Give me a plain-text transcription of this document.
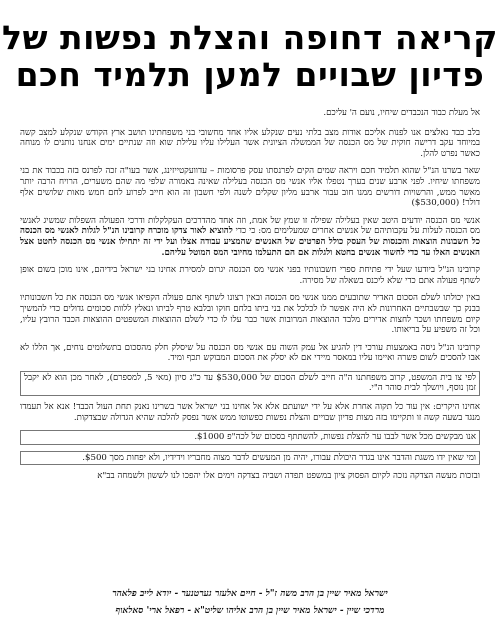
קריאה דחופה והצלת נפשות של
פדיון שבויים למען תלמיד חכם

אל מעלת כבוד הנכבדים שיחיו, נועם ה' עליכם.

בלב כבד נאלצים אנו לפנות אליכם אודות מצב בלתי נעים שנקלע אליו אחד מחשובי בני משפחתינו תושב ארץ הקודש שנקלע למצב קשה במיוחד עקב דרישה חוקית של מס הכנסה של הממשלה הציונית אשר העלילו עליו עלילת שוא וזה שנתיים ימים אנחנו נותנים לו מנוחה כאשר נפרט להלן.

שאר בשרנו הנ"ל שהוא תלמיד חכם ויראה שמים הקים לפרנסתו עסק פרסומות – עדוועקטייזינג, אשר בעו"ה זכה לפרנס בזה בכבוד את בני משפחתו שיחיו. לפני ארבע שנים בערך נטפלו אליו אנשי מס הכנסה בעלילה שאינה באמורה שלפי מה שהם משערים, הרויח הרבה יותר מאשר ממש, והרשויות דורשים ממנו חוב עבור ארבע מליון שקלים לשנה ולפי חשבון זה הוא חייב לפרוע לחם חמש מאות שלושים אלף דולר! ($530,000)

אנשי מס הכנסה יודעים היטב שאין בעלילה שפילה זו שמץ של אמת, וזה אחד מהדרכים העקלקלות ודרכי הפעולה השפלות שמשיג לאנשי מס הכנסה לעלות על עקבותיהם של אנשים אחרים שמעלימים מס: כי כדי להוציא לאור צדקו מוכרח קרובינו הנ"ל לגלות לאנשי מס הכנסה כל חשבונות הוצאות והכנסות של העסק כולל הפרטים של האנשים שהמציע עבודה אצלו ועל ידי זה יתחילו אנשי מס הכנסה לחטט אצל האנשים האלו עד כדי לחשוד אנשים בחטא ולגלות אם הם התעלמו מחיובי המס המוטל עליהם.

קרובינו הנ"ל ביודעו שעל ידי פתיחת ספרי חשבונותיו בפני אנשי מס הכנסה יגרום למסירת אחינו בני ישראל בידיהם, אינו מוכן בשום אופן לשתף פעולה אתם כדי שלא ליכנס בשאלה של מסירה.

באין יכולתו לשלם הסכום האדיר שתובעים ממנו אנשי מס הכנסה ובאין רצונו לשתף אתם פעולה הקפיאו אנשי מס הכנסה את כל חשבונותיו בבנק כך שבשבתיים האחרונות לא היה אפשר לו לכלכל את בני ביתו בלחם חוקו ובלבא טרף לביתו ונאלץ ללוות סכומים גדולים כדי להמשיך קיום משפחתו ושכר לחצות אדירים מלבד ההוצאות המרובות אשר כבר עלו לו כדי לשלם ההוצאות המשפטים ההוצאות הכבד הרובץ עליו, וכל זה משפיע על בריאותו.

קרובינו הנ"ל ניסה באמצעות עורכי דין להגיע אל עמק השוה עם אנשי מס הכנסה על שיסלק חלק מהסכום בתשלומים נוחים, אך הללו לא אבו להסכים לשום פשרה ואיימו עליו במאסר מיידי אם לא יסלק את הסכום המבוקש תכף ומיד.

לפי צו בית המשפט, קרוב משפחתנו ה"ה חייב לשלם הסכום של $530,000 עד כ"ג סיון (מאי 5, למספרם), לאחר מכן הוא לא יקבל זמן נוסף, ויושלך לבית סוהר ה"י.

אחינו היקרים: אין עוד כל תקוה אחרת אלא על ידי ישועתם אלא אל אחינו בני ישראל אשר בשרינו נאנק תחת העול הכבד! אנא אל תעמדו מנגד בשעה קשה זו ותקיימו בזה מצות פדיון שבויים והצלת נפשות כפשוטו ממש אשר נפסק להלכה שהיא הגדולה שבצדקות.

אנו מבקשים מכל אשר לבבו ער להצלת נפשות, להשתתף בסכום של לכה"פ $1000.

ומי שאין ידו משגת והדבר אינו בגדר היכולת עבורו, יהיה מן המעשים לדבר מצוה מחבריו וידידיו, ולא יפחות מסך $500.

ובזכות מעשה הצדקה נזכה לקיום הפסוק ציון במשפט תפדה ושביה בצדקה וימים אלו יהפכו לנו לששון ולשמחה בב"א

ישראל מאיר שיין בן הרב משה ז"ל - חיים אלעזר גערטנער - יודא לייב פלאהר
מרדכי שיין - ישראל מאיר שיין בן הרב אליהו שליט"א - רפאל ארי' סאלאוף
